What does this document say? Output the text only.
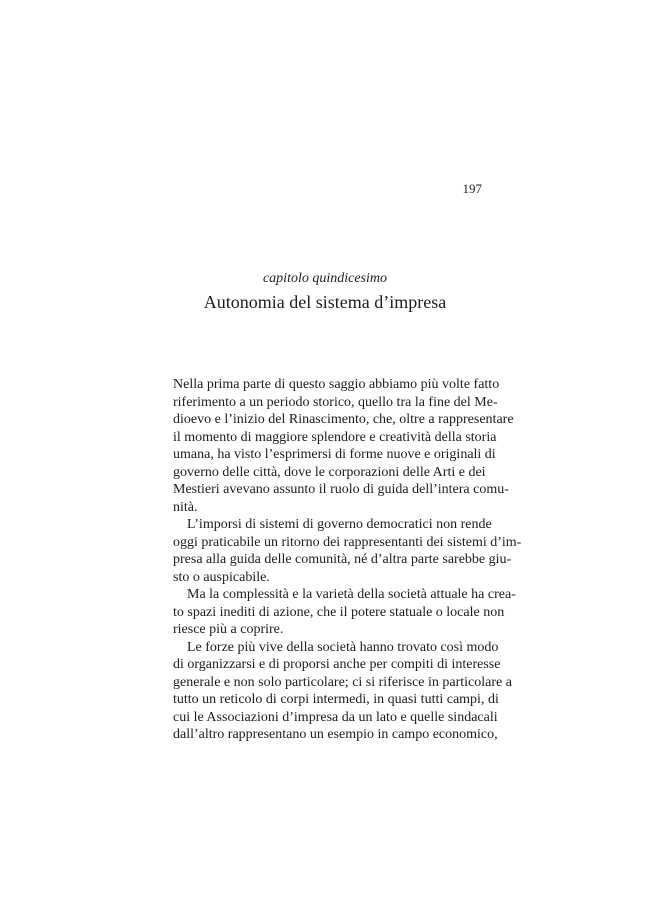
197
capitolo quindicesimo
Autonomia del sistema d’impresa
Nella prima parte di questo saggio abbiamo più volte fatto
riferimento a un periodo storico, quello tra la fine del Me-
dioevo e l’inizio del Rinascimento, che, oltre a rappresentare
il momento di maggiore splendore e creatività della storia
umana, ha visto l’esprimersi di forme nuove e originali di
governo delle città, dove le corporazioni delle Arti e dei
Mestieri avevano assunto il ruolo di guida dell’intera comu-
nità.
L’imporsi di sistemi di governo democratici non rende
oggi praticabile un ritorno dei rappresentanti dei sistemi d’im-
presa alla guida delle comunità, né d’altra parte sarebbe giu-
sto o auspicabile.
Ma la complessità e la varietà della società attuale ha crea-
to spazi inediti di azione, che il potere statuale o locale non
riesce più a coprire.
Le forze più vive della società hanno trovato così modo
di organizzarsi e di proporsi anche per compiti di interesse
generale e non solo particolare; ci si riferisce in particolare a
tutto un reticolo di corpi intermedi, in quasi tutti campi, di
cui le Associazioni d’impresa da un lato e quelle sindacali
dall’altro rappresentano un esempio in campo economico,
